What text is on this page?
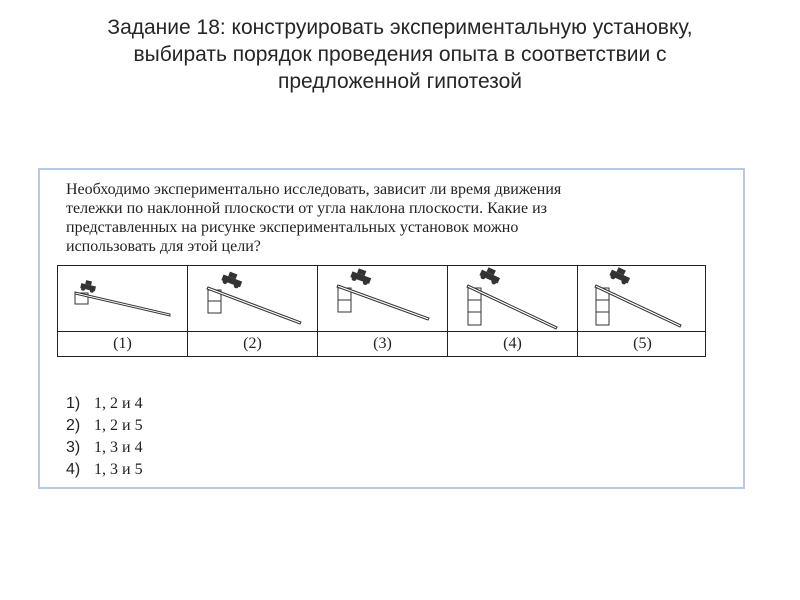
Задание 18: конструировать экспериментальную установку,
выбирать порядок проведения опыта в соответствии с
предложенной гипотезой
Необходимо экспериментально исследовать, зависит ли время движения
тележки по наклонной плоскости от угла наклона плоскости. Какие из
представленных на рисунке экспериментальных установок можно
использовать для этой цели?
(1)	(2)	(3)	(4)	(5)
1) 1, 2 и 4
2) 1, 2 и 5
3) 1, 3 и 4
4) 1, 3 и 5
